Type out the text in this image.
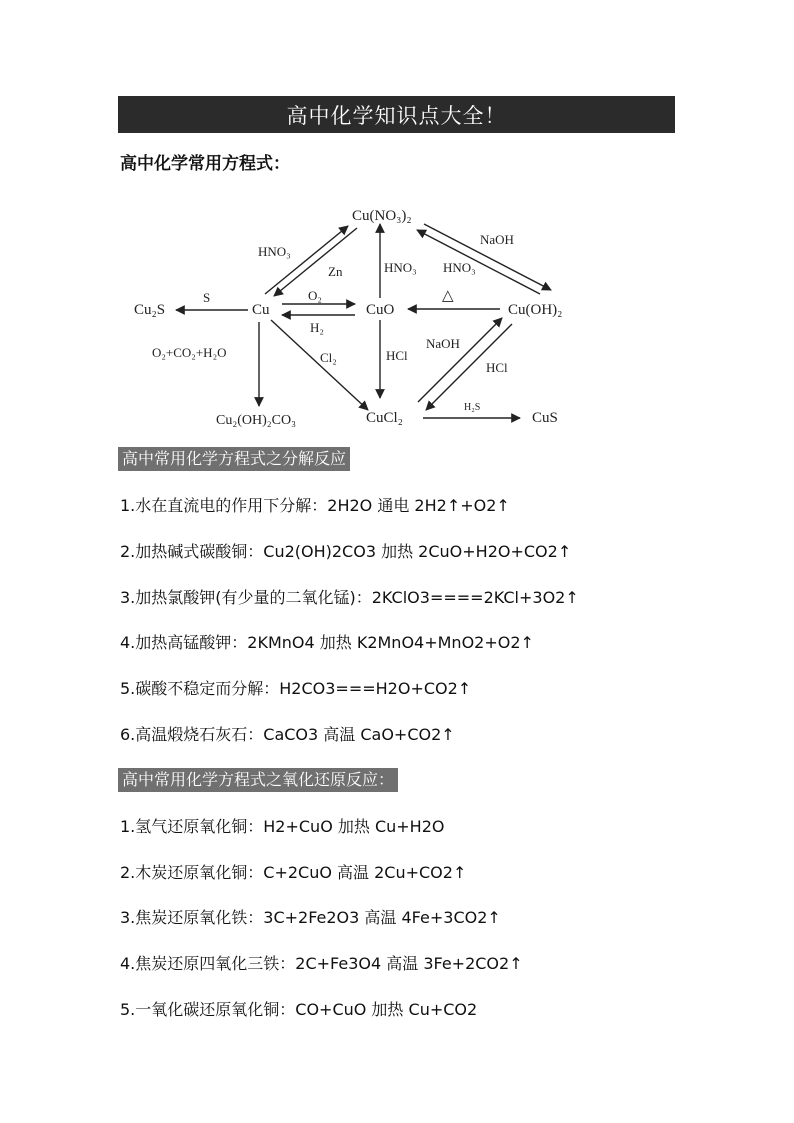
高中化学知识点大全！
高中化学常用方程式：
Cu(NO₃)₂
Cu₂S	Cu	CuO	Cu(OH)₂
Cu₂(OH)₂CO₃	CuCl₂	CuS
HNO₃
Zn	HNO₃
NaOH
HNO₃
S	O₂
H₂
△
O₂+CO₂+H₂O	Cl₂	HCl
NaOH
HCl
H₂S
高中常用化学方程式之分解反应
1.水在直流电的作用下分解：2H2O 通电 2H2↑+O2↑
2.加热碱式碳酸铜：Cu2(OH)2CO3 加热 2CuO+H2O+CO2↑
3.加热氯酸钾(有少量的二氧化锰)：2KClO3====2KCl+3O2↑
4.加热高锰酸钾：2KMnO4 加热 K2MnO4+MnO2+O2↑
5.碳酸不稳定而分解：H2CO3===H2O+CO2↑
6.高温煅烧石灰石：CaCO3 高温 CaO+CO2↑
高中常用化学方程式之氧化还原反应：
1.氢气还原氧化铜：H2+CuO 加热 Cu+H2O
2.木炭还原氧化铜：C+2CuO 高温 2Cu+CO2↑
3.焦炭还原氧化铁：3C+2Fe2O3 高温 4Fe+3CO2↑
4.焦炭还原四氧化三铁：2C+Fe3O4 高温 3Fe+2CO2↑
5.一氧化碳还原氧化铜：CO+CuO 加热 Cu+CO2
